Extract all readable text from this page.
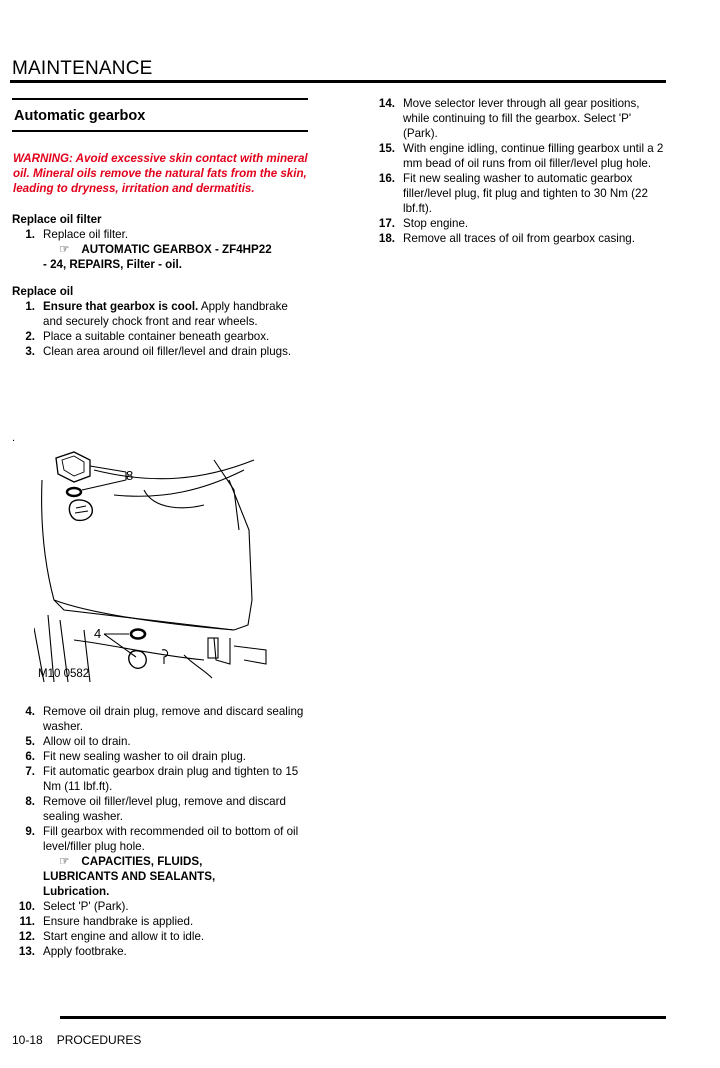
MAINTENANCE
Automatic gearbox
WARNING: Avoid excessive skin contact with mineral oil. Mineral oils remove the natural fats from the skin, leading to dryness, irritation and dermatitis.

Replace oil filter

1. Replace oil filter.
☞ AUTOMATIC GEARBOX - ZF4HP22
- 24, REPAIRS, Filter - oil.

Replace oil

1. Ensure that gearbox is cool. Apply handbrake and securely chock front and rear wheels.
2. Place a suitable container beneath gearbox.
3. Clean area around oil filler/level and drain plugs.
.
8
4
M10 0582
4. Remove oil drain plug, remove and discard sealing washer.
5. Allow oil to drain.
6. Fit new sealing washer to oil drain plug.
7. Fit automatic gearbox drain plug and tighten to 15 Nm (11 lbf.ft).
8. Remove oil filler/level plug, remove and discard sealing washer.
9. Fill gearbox with recommended oil to bottom of oil level/filler plug hole.
☞ CAPACITIES, FLUIDS,
LUBRICANTS AND SEALANTS,
Lubrication.
10. Select 'P' (Park).
11. Ensure handbrake is applied.
12. Start engine and allow it to idle.
13. Apply footbrake.
14. Move selector lever through all gear positions, while continuing to fill the gearbox. Select 'P' (Park).
15. With engine idling, continue filling gearbox until a 2 mm bead of oil runs from oil filler/level plug hole.
16. Fit new sealing washer to automatic gearbox filler/level plug, fit plug and tighten to 30 Nm (22 lbf.ft).
17. Stop engine.
18. Remove all traces of oil from gearbox casing.
10-18 PROCEDURES
